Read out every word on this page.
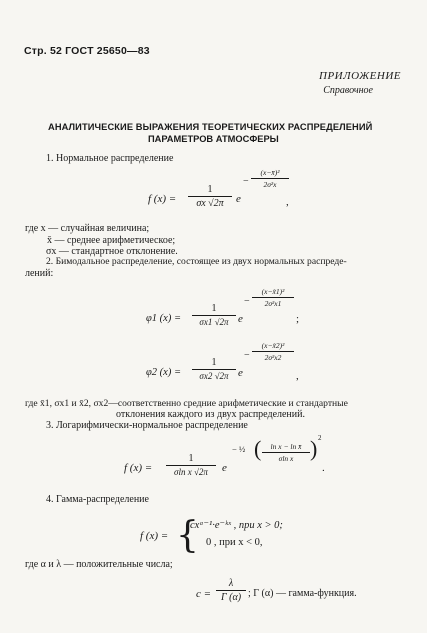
Стр. 52 ГОСТ 25650—83
ПРИЛОЖЕНИЕ
Справочное
АНАЛИТИЧЕСКИЕ ВЫРАЖЕНИЯ ТЕОРЕТИЧЕСКИХ РАСПРЕДЕЛЕНИЙ
ПАРАМЕТРОВ АТМОСФЕРЫ
1. Нормальное распределение
f (x) =
1
σx √2π	e
−
(x−x̄)²
2σ²x
,
где x — случайная величина;
x̄ — среднее арифметическое;
σx — стандартное отклонение.
2. Бимодальное распределение, состоящее из двух нормальных распреде-
лений:
φ1 (x) =
1
σx1 √2π e
−
(x−x̃1)²
2σ²x1
;
φ2 (x) =
1
σx2 √2π e
−
(x−x̃2)²
2σ²x2
,
где x̄1, σx1 и x̄2, σx2—соответственно средние арифметические и стандартные
отклонения каждого из двух распределений.
3. Логарифмически-нормальное распределение
f (x) =
1
σln x √2π	e
− ½ (	ln x − ln x̄
σln x ) 2
.
4. Гамма-распределение
f (x) = {
cxᵅ⁻¹·e⁻ᵏˣ , при x > 0;
0 , при x < 0,
где α и λ — положительные числа;
c =
λ
Γ (α) ; Γ (α) — гамма-функция.
